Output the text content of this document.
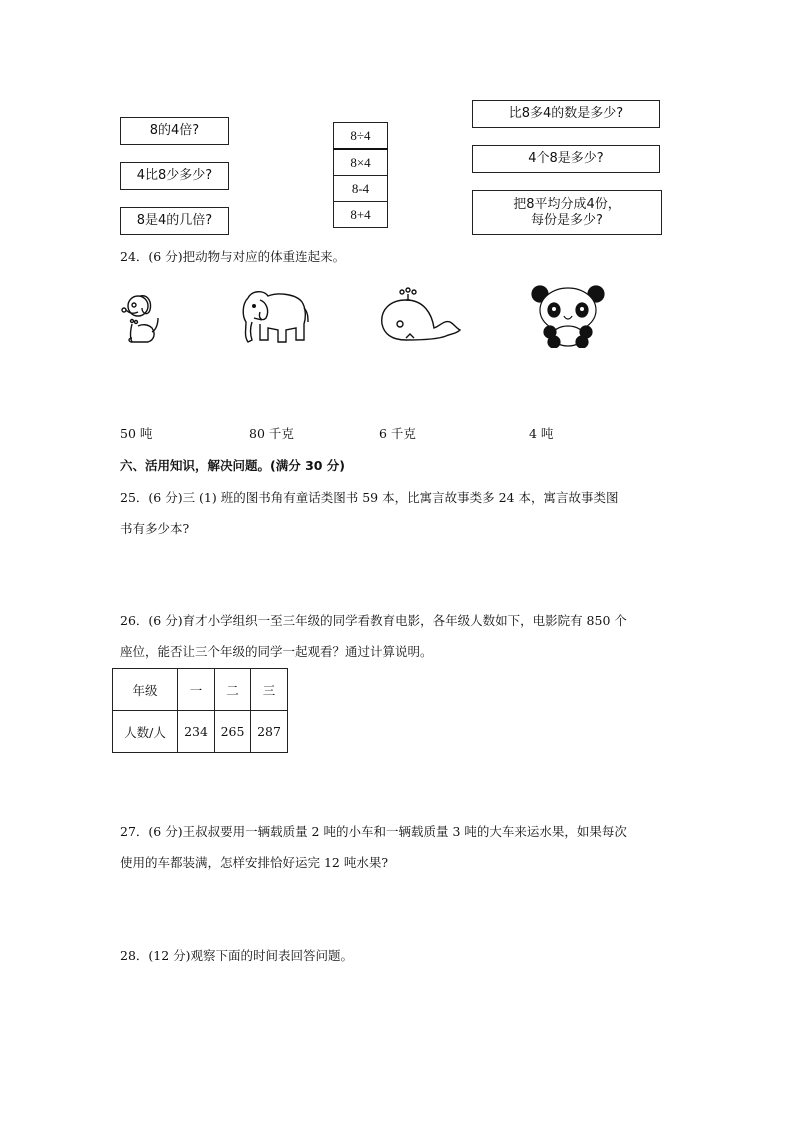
8的4倍?
4比8少多少?
8是4的几倍?
8÷4
8×4
8-4
8+4
比8多4的数是多少?
4个8是多少?
把8平均分成4份，
每份是多少?
24．(6 分)把动物与对应的体重连起来。
50 吨	80 千克	6 千克	4 吨
六、活用知识，解决问题。(满分 30 分)
25．(6 分)三 (1) 班的图书角有童话类图书 59 本，比寓言故事类多 24 本，寓言故事类图
书有多少本?
26．(6 分)育才小学组织一至三年级的同学看教育电影，各年级人数如下，电影院有 850 个
座位，能否让三个年级的同学一起观看？通过计算说明。
年级	一	二	三
人数/人	234	265	287
27．(6 分)王叔叔要用一辆载质量 2 吨的小车和一辆载质量 3 吨的大车来运水果，如果每次
使用的车都装满，怎样安排恰好运完 12 吨水果?
28．(12 分)观察下面的时间表回答问题。
